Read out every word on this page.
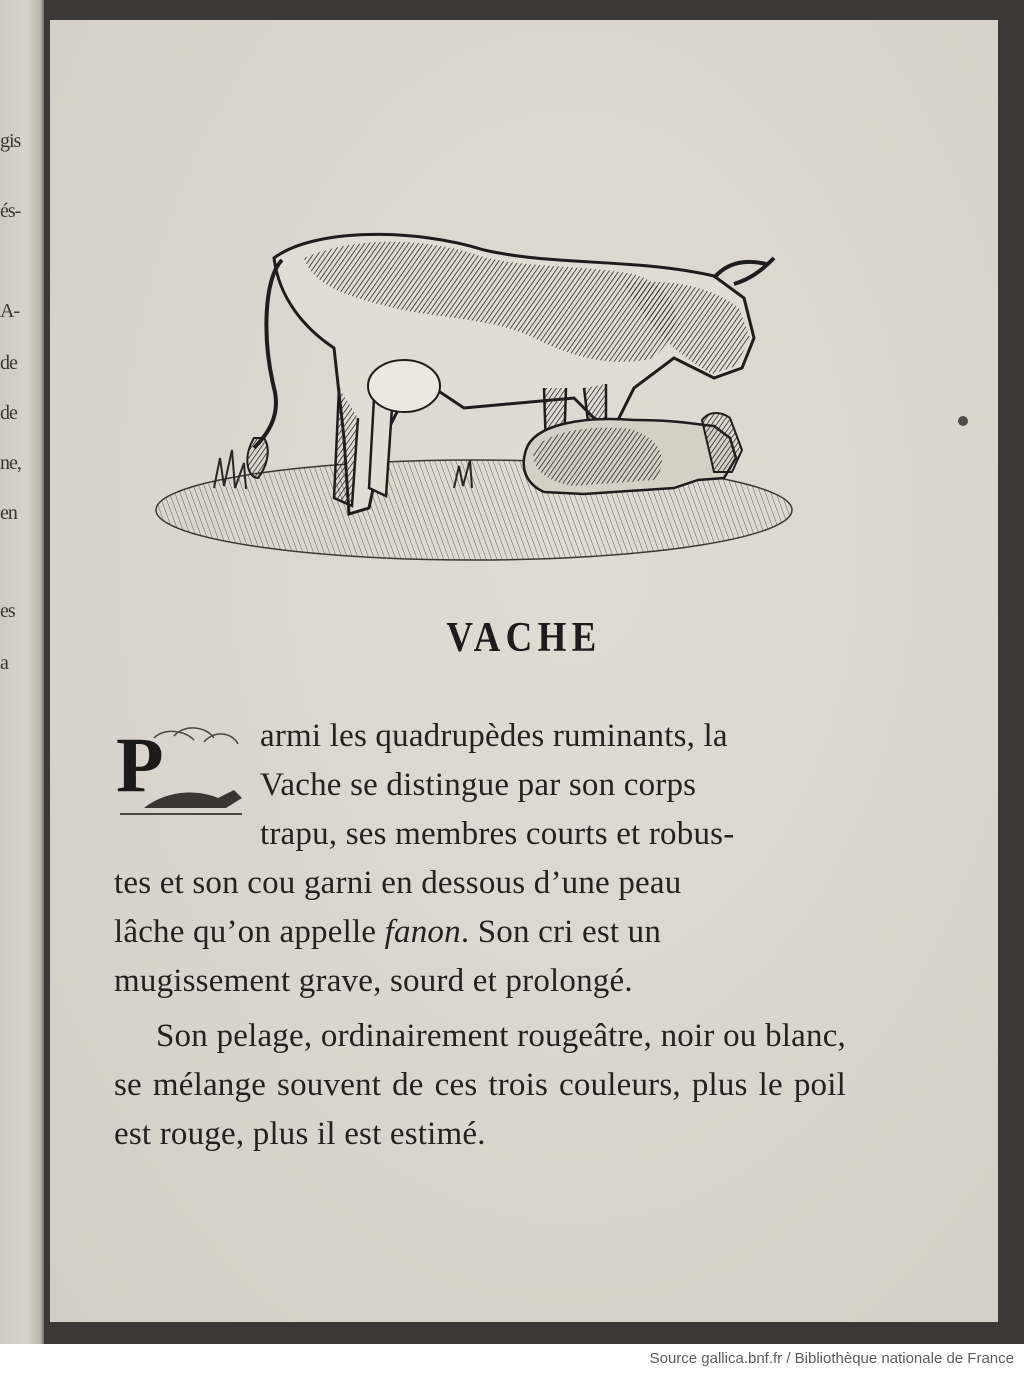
gis
és-
A-
de
de
ne,
en
es
a
VACHE

P	armi les quadrupèdes ruminants, la
Vache se distingue par son corps
trapu, ses membres courts et robus-
tes et son cou garni en dessous d’une peau
lâche qu’on appelle fanon. Son cri est un
mugissement grave, sourd et prolongé.

Son pelage, ordinairement rougeâtre, noir ou blanc, se mélange souvent de ces trois couleurs, plus le poil est rouge, plus il est estimé.

Source gallica.bnf.fr / Bibliothèque nationale de France
